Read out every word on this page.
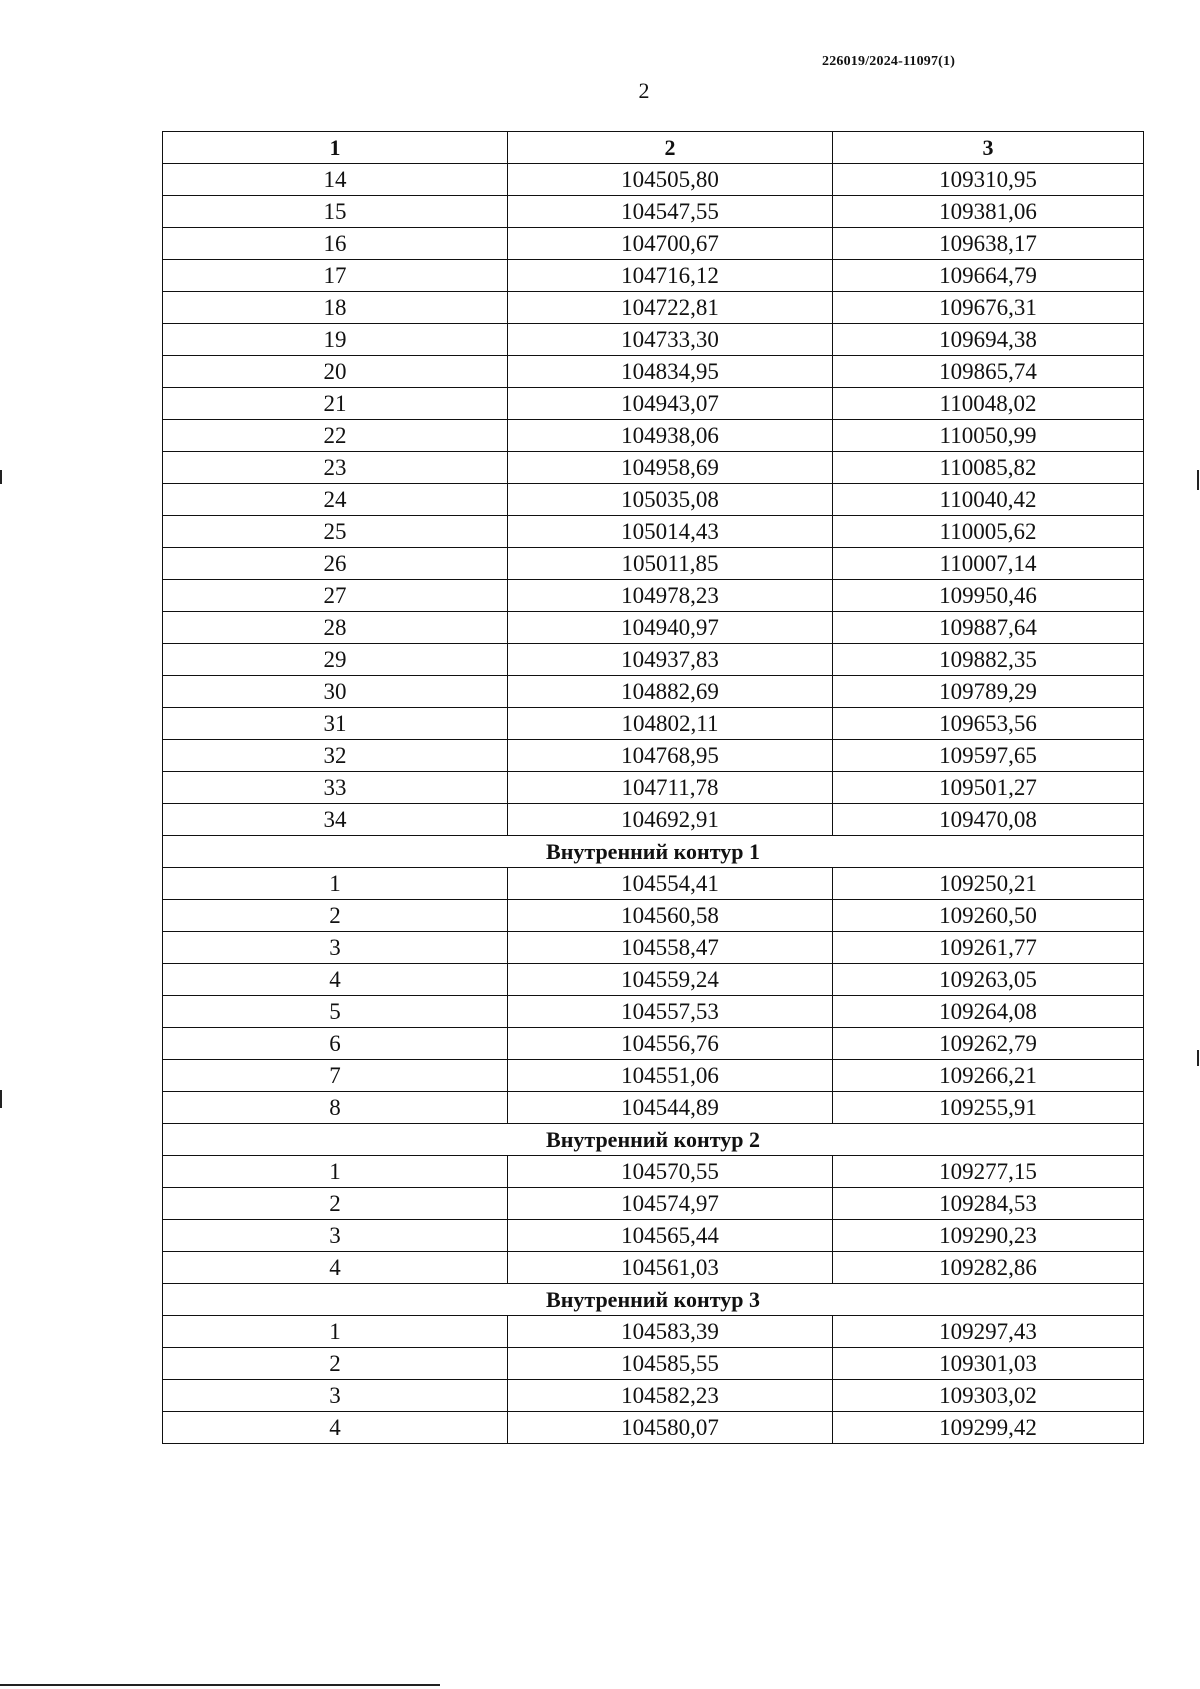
226019/2024-11097(1)
2
1	2	3
14	104505,80	109310,95
15	104547,55	109381,06
16	104700,67	109638,17
17	104716,12	109664,79
18	104722,81	109676,31
19	104733,30	109694,38
20	104834,95	109865,74
21	104943,07	110048,02
22	104938,06	110050,99
23	104958,69	110085,82
24	105035,08	110040,42
25	105014,43	110005,62
26	105011,85	110007,14
27	104978,23	109950,46
28	104940,97	109887,64
29	104937,83	109882,35
30	104882,69	109789,29
31	104802,11	109653,56
32	104768,95	109597,65
33	104711,78	109501,27
34	104692,91	109470,08
Внутренний контур 1		
1	104554,41	109250,21
2	104560,58	109260,50
3	104558,47	109261,77
4	104559,24	109263,05
5	104557,53	109264,08
6	104556,76	109262,79
7	104551,06	109266,21
8	104544,89	109255,91
Внутренний контур 2		
1	104570,55	109277,15
2	104574,97	109284,53
3	104565,44	109290,23
4	104561,03	109282,86
Внутренний контур 3		
1	104583,39	109297,43
2	104585,55	109301,03
3	104582,23	109303,02
4	104580,07	109299,42
